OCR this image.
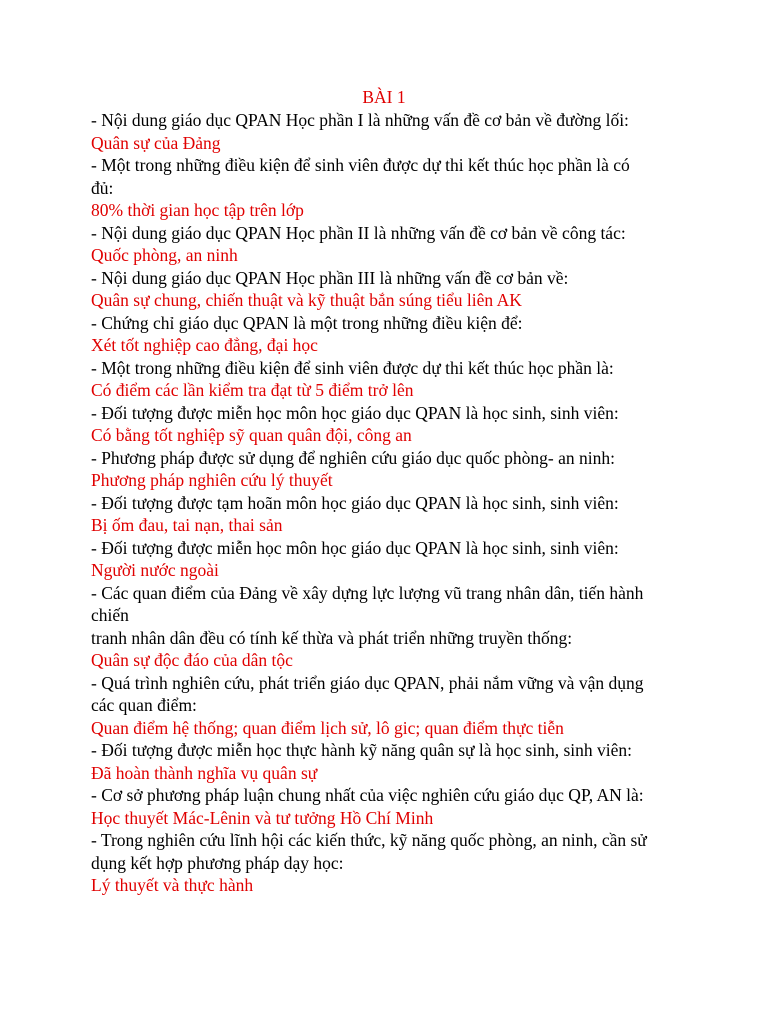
BÀI 1
- Nội dung giáo dục QPAN Học phần I là những vấn đề cơ bản về đường lối:
Quân sự của Đảng
- Một trong những điều kiện để sinh viên được dự thi kết thúc học phần là có
đủ:
80% thời gian học tập trên lớp
- Nội dung giáo dục QPAN Học phần II là những vấn đề cơ bản về công tác:
Quốc phòng, an ninh
- Nội dung giáo dục QPAN Học phần III là những vấn đề cơ bản về:
Quân sự chung, chiến thuật và kỹ thuật bắn súng tiểu liên AK
- Chứng chỉ giáo dục QPAN là một trong những điều kiện để:
Xét tốt nghiệp cao đẳng, đại học
- Một trong những điều kiện để sinh viên được dự thi kết thúc học phần là:
Có điểm các lần kiểm tra đạt từ 5 điểm trở lên
- Đối tượng được miễn học môn học giáo dục QPAN là học sinh, sinh viên:
Có bằng tốt nghiệp sỹ quan quân đội, công an
- Phương pháp được sử dụng để nghiên cứu giáo dục quốc phòng- an ninh:
Phương pháp nghiên cứu lý thuyết
- Đối tượng được tạm hoãn môn học giáo dục QPAN là học sinh, sinh viên:
Bị ốm đau, tai nạn, thai sản
- Đối tượng được miễn học môn học giáo dục QPAN là học sinh, sinh viên:
Người nước ngoài
- Các quan điểm của Đảng về xây dựng lực lượng vũ trang nhân dân, tiến hành
chiến
tranh nhân dân đều có tính kế thừa và phát triển những truyền thống:
Quân sự độc đáo của dân tộc
- Quá trình nghiên cứu, phát triển giáo dục QPAN, phải nắm vững và vận dụng
các quan điểm:
Quan điểm hệ thống; quan điểm lịch sử, lô gic; quan điểm thực tiễn
- Đối tượng được miễn học thực hành kỹ năng quân sự là học sinh, sinh viên:
Đã hoàn thành nghĩa vụ quân sự
- Cơ sở phương pháp luận chung nhất của việc nghiên cứu giáo dục QP, AN là:
Học thuyết Mác-Lênin và tư tưởng Hồ Chí Minh
- Trong nghiên cứu lĩnh hội các kiến thức, kỹ năng quốc phòng, an ninh, cần sử
dụng kết hợp phương pháp dạy học:
Lý thuyết và thực hành
